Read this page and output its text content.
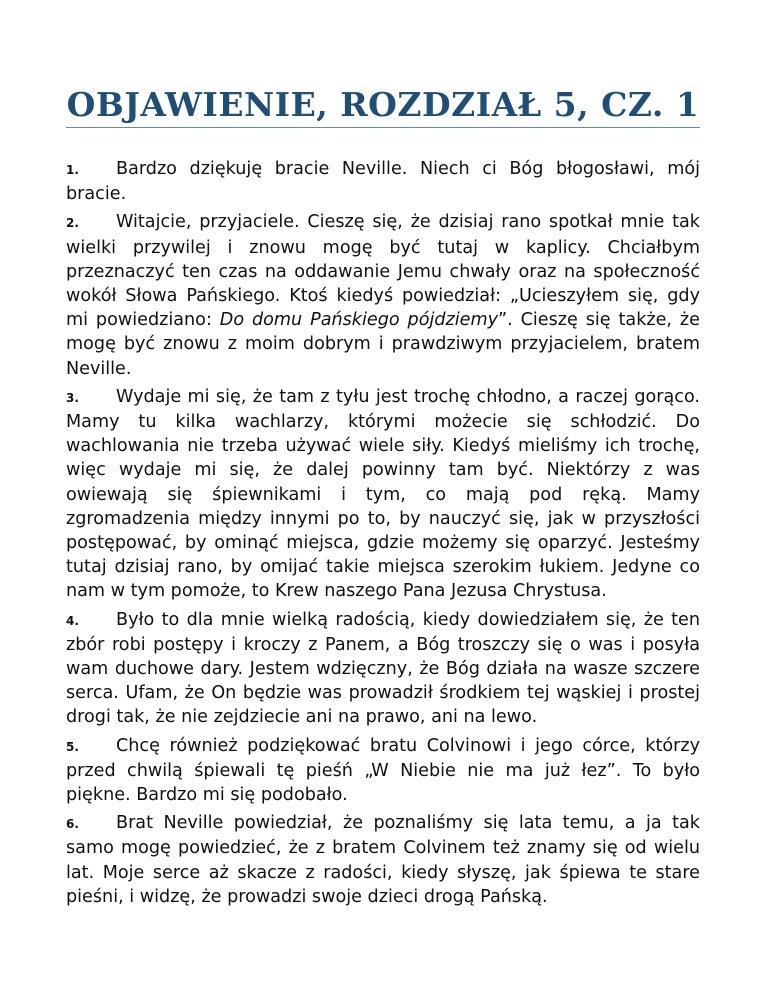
OBJAWIENIE, ROZDZIAŁ 5, CZ. 1

1. Bardzo dziękuję bracie Neville. Niech ci Bóg błogosławi, mój bracie.

2. Witajcie, przyjaciele. Cieszę się, że dzisiaj rano spotkał mnie tak wielki przywilej i znowu mogę być tutaj w kaplicy. Chciałbym przeznaczyć ten czas na oddawanie Jemu chwały oraz na społeczność wokół Słowa Pańskiego. Ktoś kiedyś powiedział: „Ucieszyłem się, gdy mi powiedziano: Do domu Pańskiego pójdziemy”. Cieszę się także, że mogę być znowu z moim dobrym i prawdziwym przyjacielem, bratem Neville.

3. Wydaje mi się, że tam z tyłu jest trochę chłodno, a raczej gorąco. Mamy tu kilka wachlarzy, którymi możecie się schłodzić. Do wachlowania nie trzeba używać wiele siły. Kiedyś mieliśmy ich trochę, więc wydaje mi się, że dalej powinny tam być. Niektórzy z was owiewają się śpiewnikami i tym, co mają pod ręką. Mamy zgromadzenia między innymi po to, by nauczyć się, jak w przyszłości postępować, by ominąć miejsca, gdzie możemy się oparzyć. Jesteśmy tutaj dzisiaj rano, by omijać takie miejsca szerokim łukiem. Jedyne co nam w tym pomoże, to Krew naszego Pana Jezusa Chrystusa.

4. Było to dla mnie wielką radością, kiedy dowiedziałem się, że ten zbór robi postępy i kroczy z Panem, a Bóg troszczy się o was i posyła wam duchowe dary. Jestem wdzięczny, że Bóg działa na wasze szczere serca. Ufam, że On będzie was prowadził środkiem tej wąskiej i prostej drogi tak, że nie zejdziecie ani na prawo, ani na lewo.

5. Chcę również podziękować bratu Colvinowi i jego córce, którzy przed chwilą śpiewali tę pieśń „W Niebie nie ma już łez”. To było piękne. Bardzo mi się podobało.

6. Brat Neville powiedział, że poznaliśmy się lata temu, a ja tak samo mogę powiedzieć, że z bratem Colvinem też znamy się od wielu lat. Moje serce aż skacze z radości, kiedy słyszę, jak śpiewa te stare pieśni, i widzę, że prowadzi swoje dzieci drogą Pańską.
